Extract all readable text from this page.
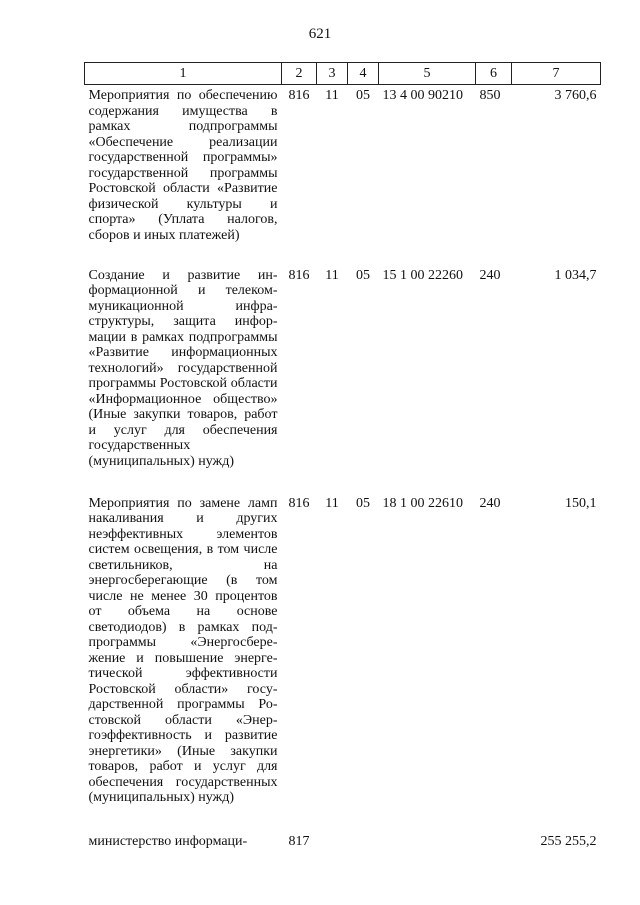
621
1	2	3	4	5	6	7
Мероприятия по обеспечению содержания имущества в рамках подпрограммы «Обеспечение реализации государственной программы» государственной программы Ростовской области «Развитие физической культуры и спорта» (Уплата налогов, сборов и иных платежей)	816	11	05	13 4 00 90210	850	3 760,6
Создание и развитие информационной и телекоммуникационной инфраструктуры, защита информации в рамках подпрограммы «Развитие информационных технологий» государственной программы Ростовской области «Информационное общество» (Иные закупки товаров, работ и услуг для обеспечения государственных (муниципальных) нужд)	816	11	05	15 1 00 22260	240	1 034,7
Мероприятия по замене ламп накаливания и других неэффективных элементов систем освещения, в том числе светильников, на энергосберегающие (в том числе не менее 30 процентов от объема на основе светодиодов) в рамках подпрограммы «Энергосбережение и повышение энергетической эффективности Ростовской области» государственной программы Ростовской области «Энергоэффективность и развитие энергетики» (Иные закупки товаров, работ и услуг для обеспечения государственных (муниципальных) нужд)	816	11	05	18 1 00 22610	240	150,1
министерство информаци-	817					255 255,2
